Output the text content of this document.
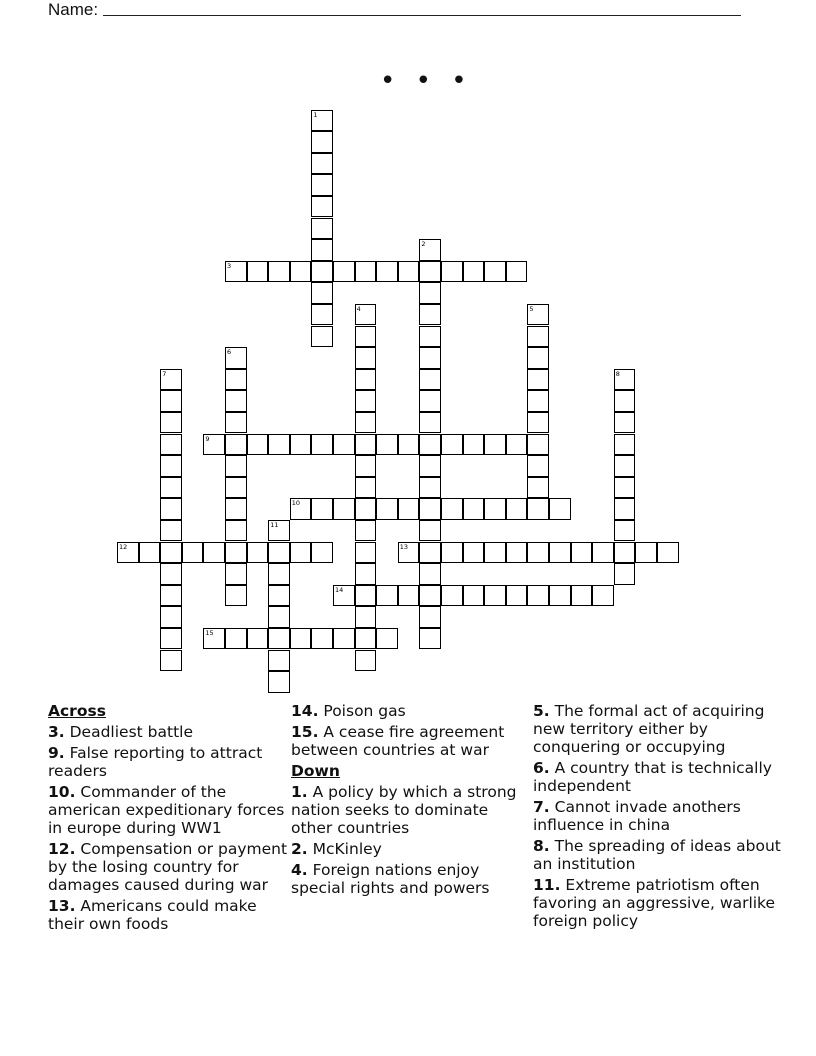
Name:
• • •
1
2
3
4	5
6
7	8
9
10
11
12	13
14
15
Across
3. Deadliest battle
9. False reporting to attract readers
10. Commander of the american expeditionary forces in europe during WW1
12. Compensation or payment by the losing country for damages caused during war
13. Americans could make their own foods
14. Poison gas
15. A cease fire agreement between countries at war
Down
1. A policy by which a strong nation seeks to dominate other countries
2. McKinley
4. Foreign nations enjoy special rights and powers
5. The formal act of acquiring new territory either by conquering or occupying
6. A country that is technically independent
7. Cannot invade anothers influence in china
8. The spreading of ideas about an institution
11. Extreme patriotism often favoring an aggressive, warlike foreign policy
